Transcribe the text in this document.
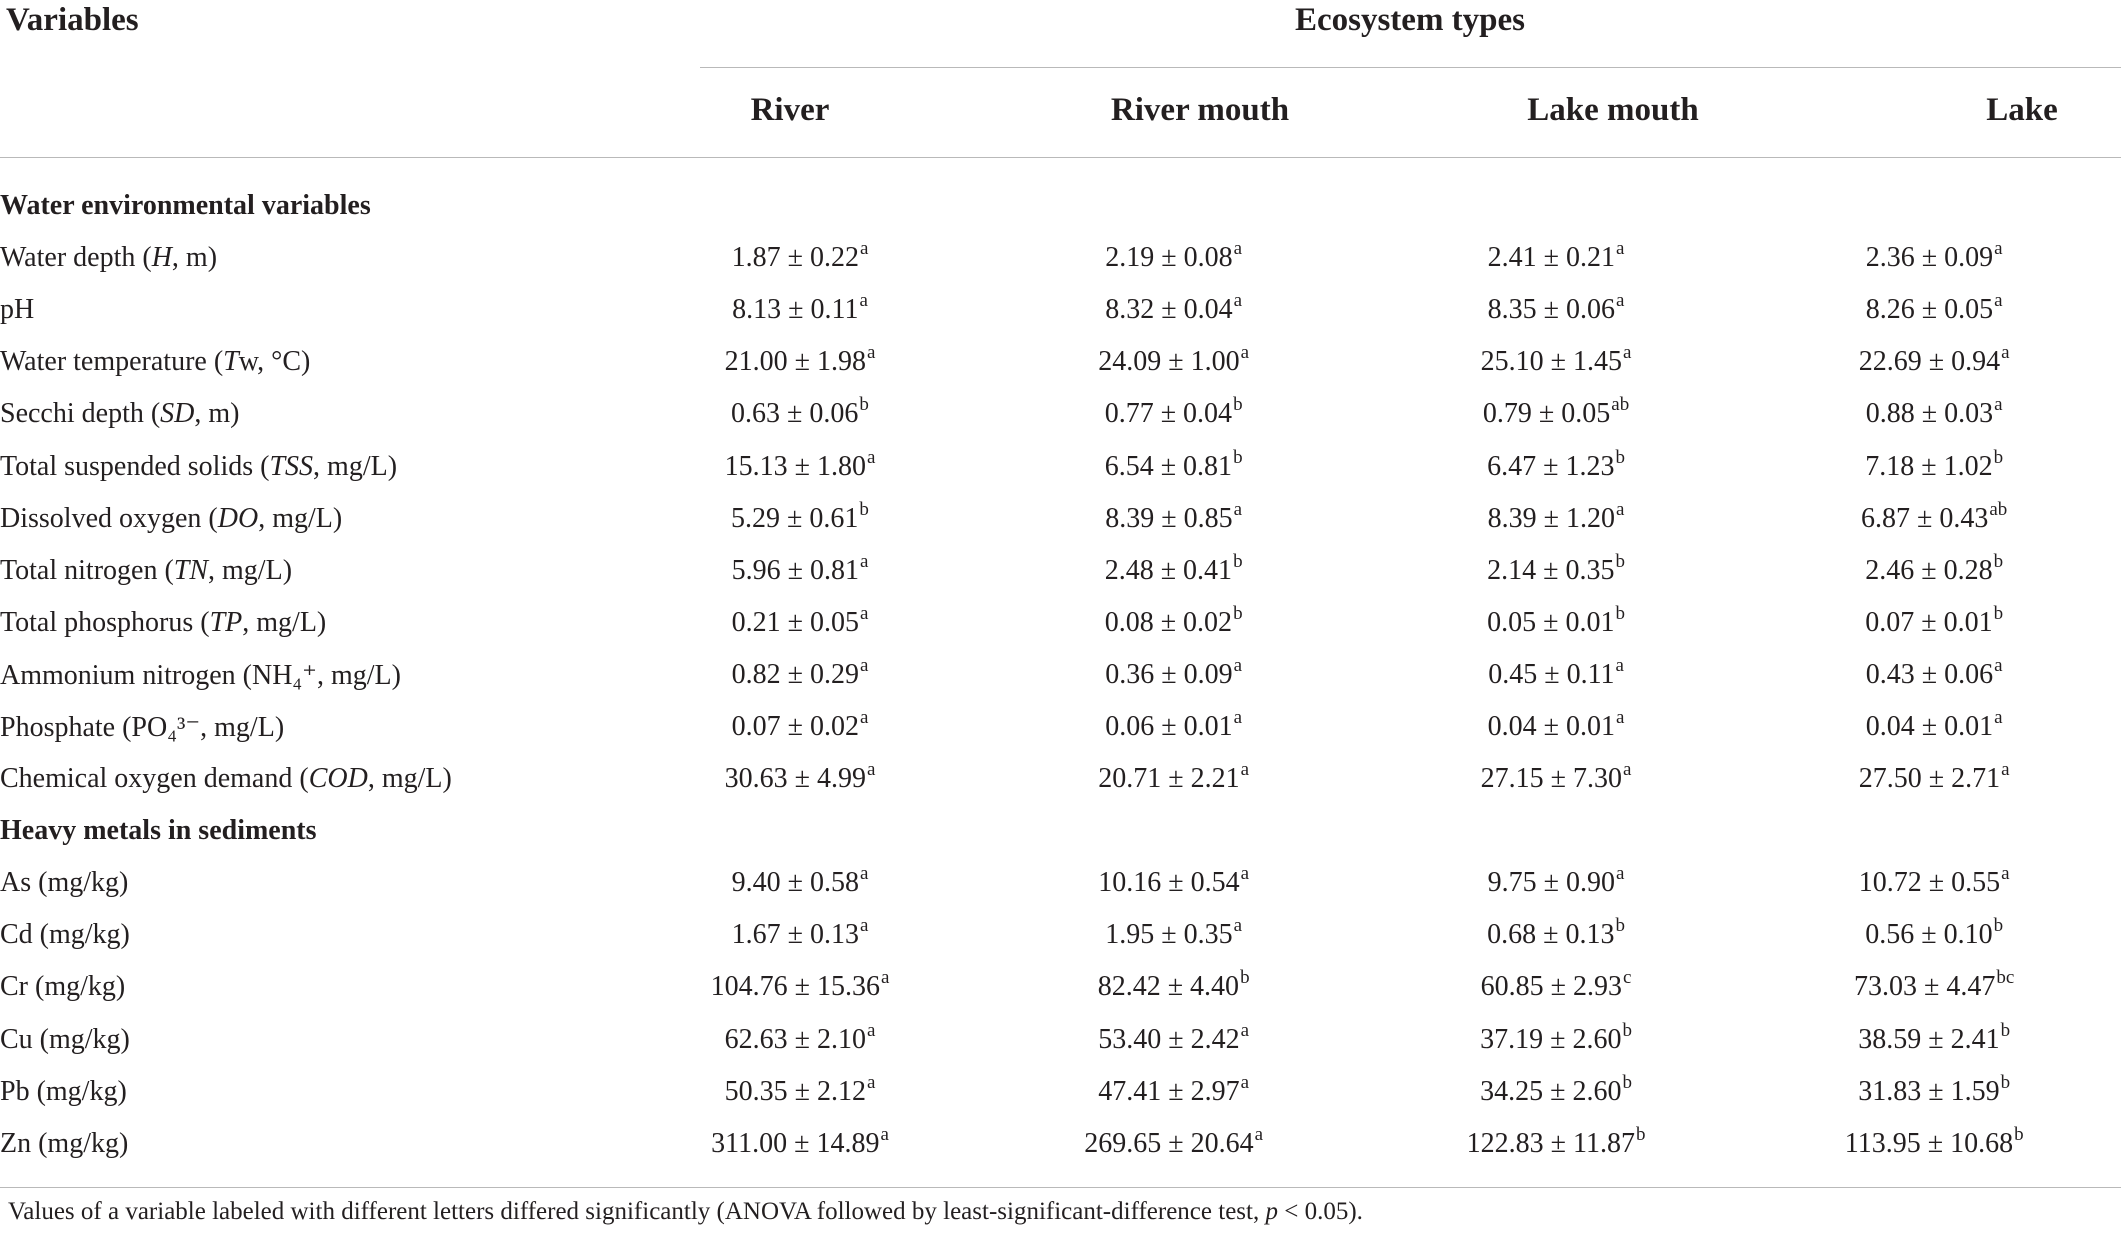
Variables	Ecosystem types
River	River mouth	Lake mouth	Lake
Water environmental variables				
Water depth (H, m)	1.87 ± 0.22$^a$	2.19 ± 0.08$^a$	2.41 ± 0.21$^a$	2.36 ± 0.09$^a$
pH	8.13 ± 0.11$^a$	8.32 ± 0.04$^a$	8.35 ± 0.06$^a$	8.26 ± 0.05$^a$
Water temperature (Tw, °C)	21.00 ± 1.98$^a$	24.09 ± 1.00$^a$	25.10 ± 1.45$^a$	22.69 ± 0.94$^a$
Secchi depth (SD, m)	0.63 ± 0.06$^b$	0.77 ± 0.04$^b$	0.79 ± 0.05$^{ab}$	0.88 ± 0.03$^a$
Total suspended solids (TSS, mg/L)	15.13 ± 1.80$^a$	6.54 ± 0.81$^b$	6.47 ± 1.23$^b$	7.18 ± 1.02$^b$
Dissolved oxygen (DO, mg/L)	5.29 ± 0.61$^b$	8.39 ± 0.85$^a$	8.39 ± 1.20$^a$	6.87 ± 0.43$^{ab}$
Total nitrogen (TN, mg/L)	5.96 ± 0.81$^a$	2.48 ± 0.41$^b$	2.14 ± 0.35$^b$	2.46 ± 0.28$^b$
Total phosphorus (TP, mg/L)	0.21 ± 0.05$^a$	0.08 ± 0.02$^b$	0.05 ± 0.01$^b$	0.07 ± 0.01$^b$
Ammonium nitrogen (NH₄⁺, mg/L)	0.82 ± 0.29$^a$	0.36 ± 0.09$^a$	0.45 ± 0.11$^a$	0.43 ± 0.06$^a$
Phosphate (PO₄³⁻, mg/L)	0.07 ± 0.02$^a$	0.06 ± 0.01$^a$	0.04 ± 0.01$^a$	0.04 ± 0.01$^a$
Chemical oxygen demand (COD, mg/L)	30.63 ± 4.99$^a$	20.71 ± 2.21$^a$	27.15 ± 7.30$^a$	27.50 ± 2.71$^a$
Heavy metals in sediments				
As (mg/kg)	9.40 ± 0.58$^a$	10.16 ± 0.54$^a$	9.75 ± 0.90$^a$	10.72 ± 0.55$^a$
Cd (mg/kg)	1.67 ± 0.13$^a$	1.95 ± 0.35$^a$	0.68 ± 0.13$^b$	0.56 ± 0.10$^b$
Cr (mg/kg)	104.76 ± 15.36$^a$	82.42 ± 4.40$^b$	60.85 ± 2.93$^c$	73.03 ± 4.47$^{bc}$
Cu (mg/kg)	62.63 ± 2.10$^a$	53.40 ± 2.42$^a$	37.19 ± 2.60$^b$	38.59 ± 2.41$^b$
Pb (mg/kg)	50.35 ± 2.12$^a$	47.41 ± 2.97$^a$	34.25 ± 2.60$^b$	31.83 ± 1.59$^b$
Zn (mg/kg)	311.00 ± 14.89$^a$	269.65 ± 20.64$^a$	122.83 ± 11.87$^b$	113.95 ± 10.68$^b$
Values of a variable labeled with different letters differed significantly (ANOVA followed by least-significant-difference test, p < 0.05).
